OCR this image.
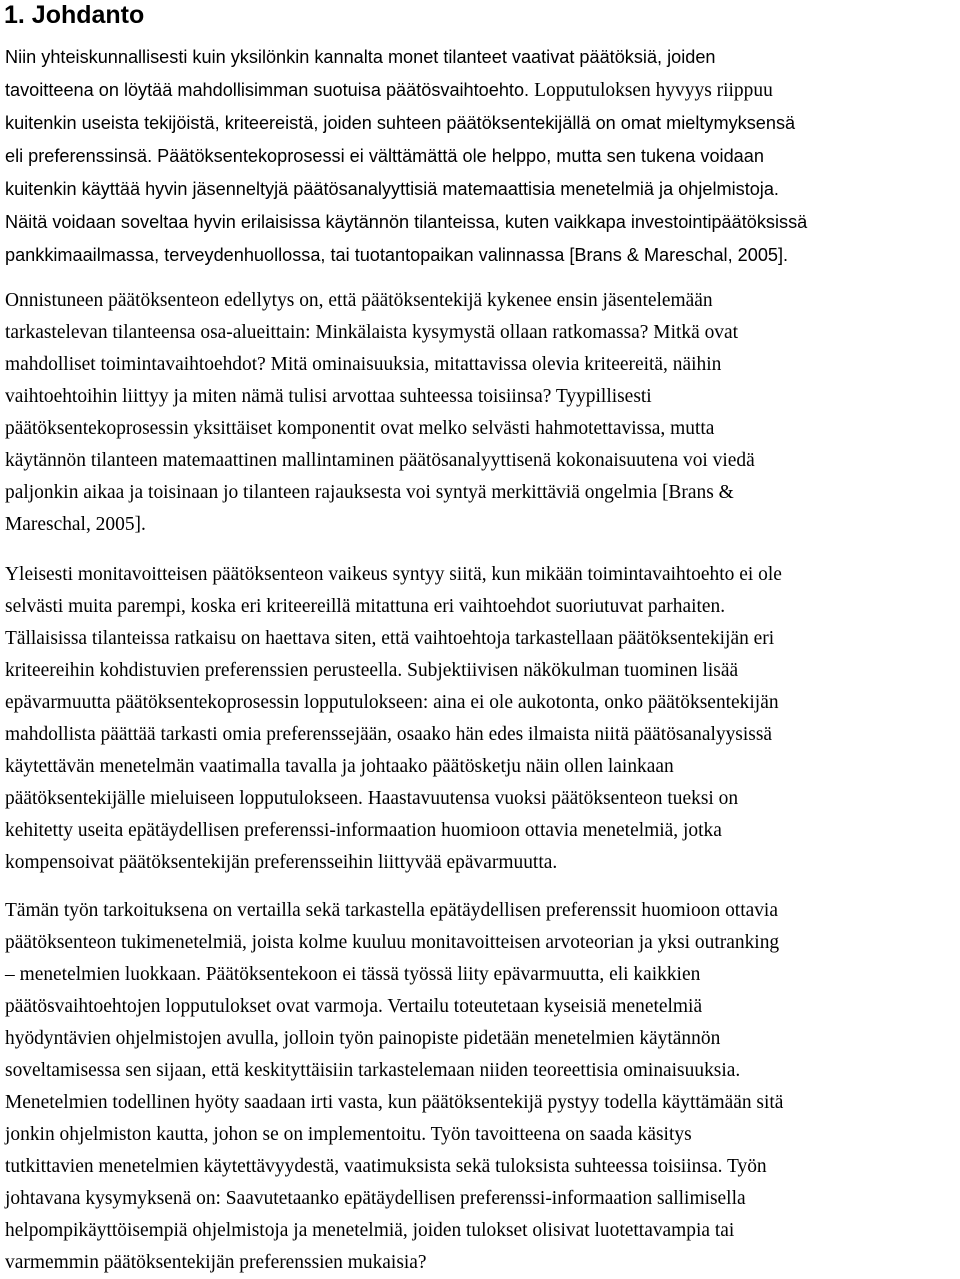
1. Johdanto
Niin yhteiskunnallisesti kuin yksilönkin kannalta monet tilanteet vaativat päätöksiä, joiden
tavoitteena on löytää mahdollisimman suotuisa päätösvaihtoehto. Lopputuloksen hyvyys riippuu
kuitenkin useista tekijöistä, kriteereistä, joiden suhteen päätöksentekijällä on omat mieltymyksensä
eli preferenssinsä. Päätöksentekoprosessi ei välttämättä ole helppo, mutta sen tukena voidaan
kuitenkin käyttää hyvin jäsenneltyjä päätösanalyyttisiä matemaattisia menetelmiä ja ohjelmistoja.
Näitä voidaan soveltaa hyvin erilaisissa käytännön tilanteissa, kuten vaikkapa investointipäätöksissä
pankkimaailmassa, terveydenhuollossa, tai tuotantopaikan valinnassa [Brans & Mareschal, 2005].
Onnistuneen päätöksenteon edellytys on, että päätöksentekijä kykenee ensin jäsentelemään
tarkastelevan tilanteensa osa-alueittain: Minkälaista kysymystä ollaan ratkomassa? Mitkä ovat
mahdolliset toimintavaihtoehdot? Mitä ominaisuuksia, mitattavissa olevia kriteereitä, näihin
vaihtoehtoihin liittyy ja miten nämä tulisi arvottaa suhteessa toisiinsa? Tyypillisesti
päätöksentekoprosessin yksittäiset komponentit ovat melko selvästi hahmotettavissa, mutta
käytännön tilanteen matemaattinen mallintaminen päätösanalyyttisenä kokonaisuutena voi viedä
paljonkin aikaa ja toisinaan jo tilanteen rajauksesta voi syntyä merkittäviä ongelmia [Brans &
Mareschal, 2005].
Yleisesti monitavoitteisen päätöksenteon vaikeus syntyy siitä, kun mikään toimintavaihtoehto ei ole
selvästi muita parempi, koska eri kriteereillä mitattuna eri vaihtoehdot suoriutuvat parhaiten.
Tällaisissa tilanteissa ratkaisu on haettava siten, että vaihtoehtoja tarkastellaan päätöksentekijän eri
kriteereihin kohdistuvien preferenssien perusteella. Subjektiivisen näkökulman tuominen lisää
epävarmuutta päätöksentekoprosessin lopputulokseen: aina ei ole aukotonta, onko päätöksentekijän
mahdollista päättää tarkasti omia preferenssejään, osaako hän edes ilmaista niitä päätösanalyysissä
käytettävän menetelmän vaatimalla tavalla ja johtaako päätösketju näin ollen lainkaan
päätöksentekijälle mieluiseen lopputulokseen. Haastavuutensa vuoksi päätöksenteon tueksi on
kehitetty useita epätäydellisen preferenssi-informaation huomioon ottavia menetelmiä, jotka
kompensoivat päätöksentekijän preferensseihin liittyvää epävarmuutta.
Tämän työn tarkoituksena on vertailla sekä tarkastella epätäydellisen preferenssit huomioon ottavia
päätöksenteon tukimenetelmiä, joista kolme kuuluu monitavoitteisen arvoteorian ja yksi outranking
– menetelmien luokkaan. Päätöksentekoon ei tässä työssä liity epävarmuutta, eli kaikkien
päätösvaihtoehtojen lopputulokset ovat varmoja. Vertailu toteutetaan kyseisiä menetelmiä
hyödyntävien ohjelmistojen avulla, jolloin työn painopiste pidetään menetelmien käytännön
soveltamisessa sen sijaan, että keskityttäisiin tarkastelemaan niiden teoreettisia ominaisuuksia.
Menetelmien todellinen hyöty saadaan irti vasta, kun päätöksentekijä pystyy todella käyttämään sitä
jonkin ohjelmiston kautta, johon se on implementoitu. Työn tavoitteena on saada käsitys
tutkittavien menetelmien käytettävyydestä, vaatimuksista sekä tuloksista suhteessa toisiinsa. Työn
johtavana kysymyksenä on: Saavutetaanko epätäydellisen preferenssi-informaation sallimisella
helpompikäyttöisempiä ohjelmistoja ja menetelmiä, joiden tulokset olisivat luotettavampia tai
varmemmin päätöksentekijän preferenssien mukaisia?
